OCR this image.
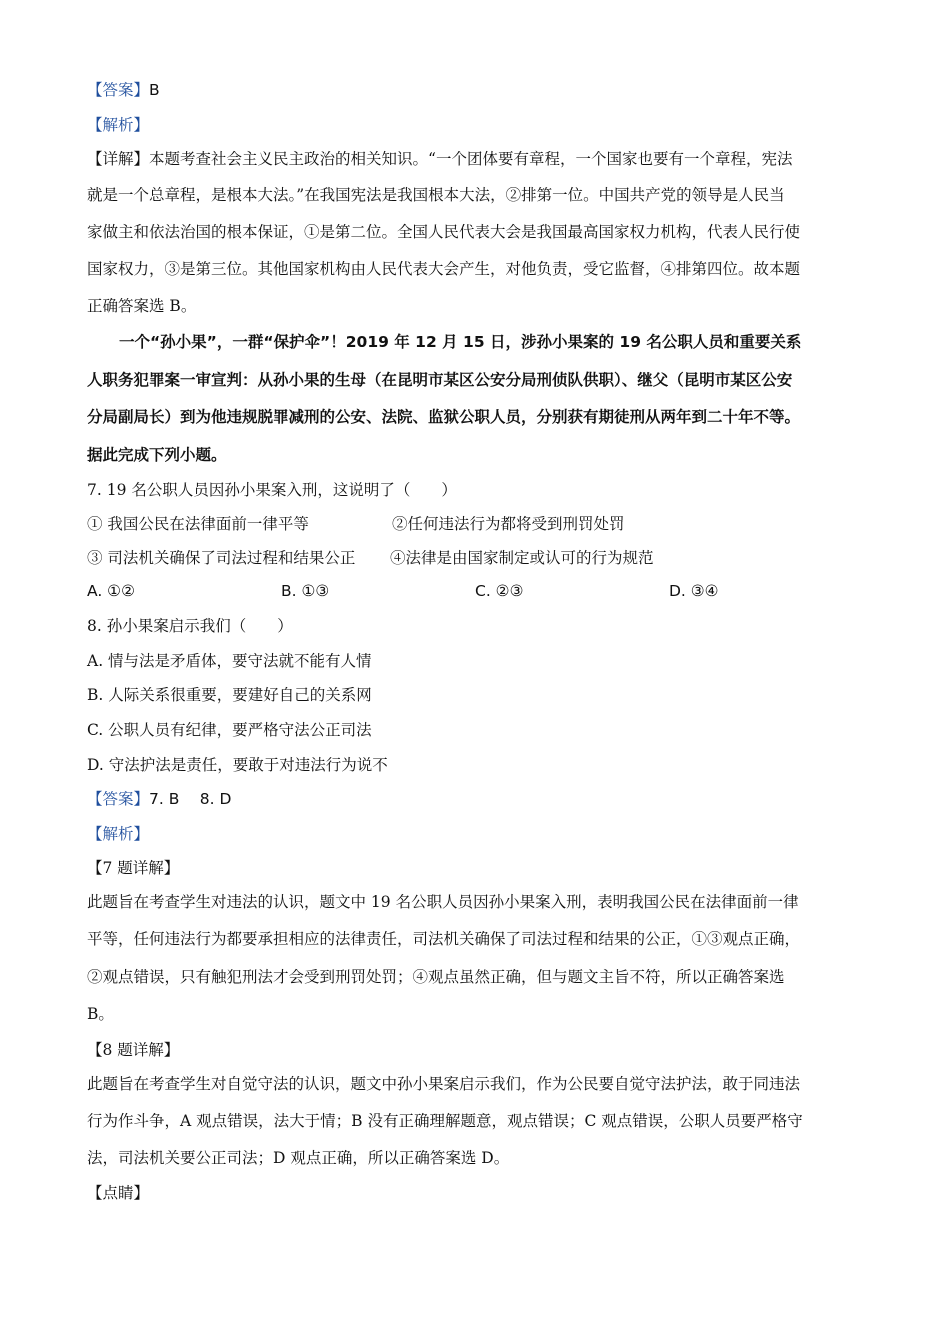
【答案】B
【解析】
【详解】本题考查社会主义民主政治的相关知识。“一个团体要有章程，一个国家也要有一个章程，宪法
就是一个总章程，是根本大法。”在我国宪法是我国根本大法，②排第一位。中国共产党的领导是人民当
家做主和依法治国的根本保证，①是第二位。全国人民代表大会是我国最高国家权力机构，代表人民行使
国家权力，③是第三位。其他国家机构由人民代表大会产生，对他负责，受它监督，④排第四位。故本题
正确答案选 B。
一个“孙小果”，一群“保护伞”！2019 年 12 月 15 日，涉孙小果案的 19 名公职人员和重要关系
人职务犯罪案一审宣判：从孙小果的生母（在昆明市某区公安分局刑侦队供职）、继父（昆明市某区公安
分局副局长）到为他违规脱罪减刑的公安、法院、监狱公职人员，分别获有期徒刑从两年到二十年不等。
据此完成下列小题。
7. 19 名公职人员因孙小果案入刑，这说明了（　　）
① 我国公民在法律面前一律平等	②任何违法行为都将受到刑罚处罚
③ 司法机关确保了司法过程和结果公正 ④法律是由国家制定或认可的行为规范
A. ①②	B. ①③	C. ②③	D. ③④
8. 孙小果案启示我们（　　）
A. 情与法是矛盾体，要守法就不能有人情
B. 人际关系很重要，要建好自己的关系网
C. 公职人员有纪律，要严格守法公正司法
D. 守法护法是责任，要敢于对违法行为说不
【答案】7. B　 8. D
【解析】
【7 题详解】
此题旨在考查学生对违法的认识，题文中 19 名公职人员因孙小果案入刑，表明我国公民在法律面前一律
平等，任何违法行为都要承担相应的法律责任，司法机关确保了司法过程和结果的公正，①③观点正确，
②观点错误，只有触犯刑法才会受到刑罚处罚；④观点虽然正确，但与题文主旨不符，所以正确答案选
B。
【8 题详解】
此题旨在考查学生对自觉守法的认识，题文中孙小果案启示我们，作为公民要自觉守法护法，敢于同违法
行为作斗争，A 观点错误，法大于情；B 没有正确理解题意，观点错误；C 观点错误，公职人员要严格守
法，司法机关要公正司法；D 观点正确，所以正确答案选 D。
【点睛】
